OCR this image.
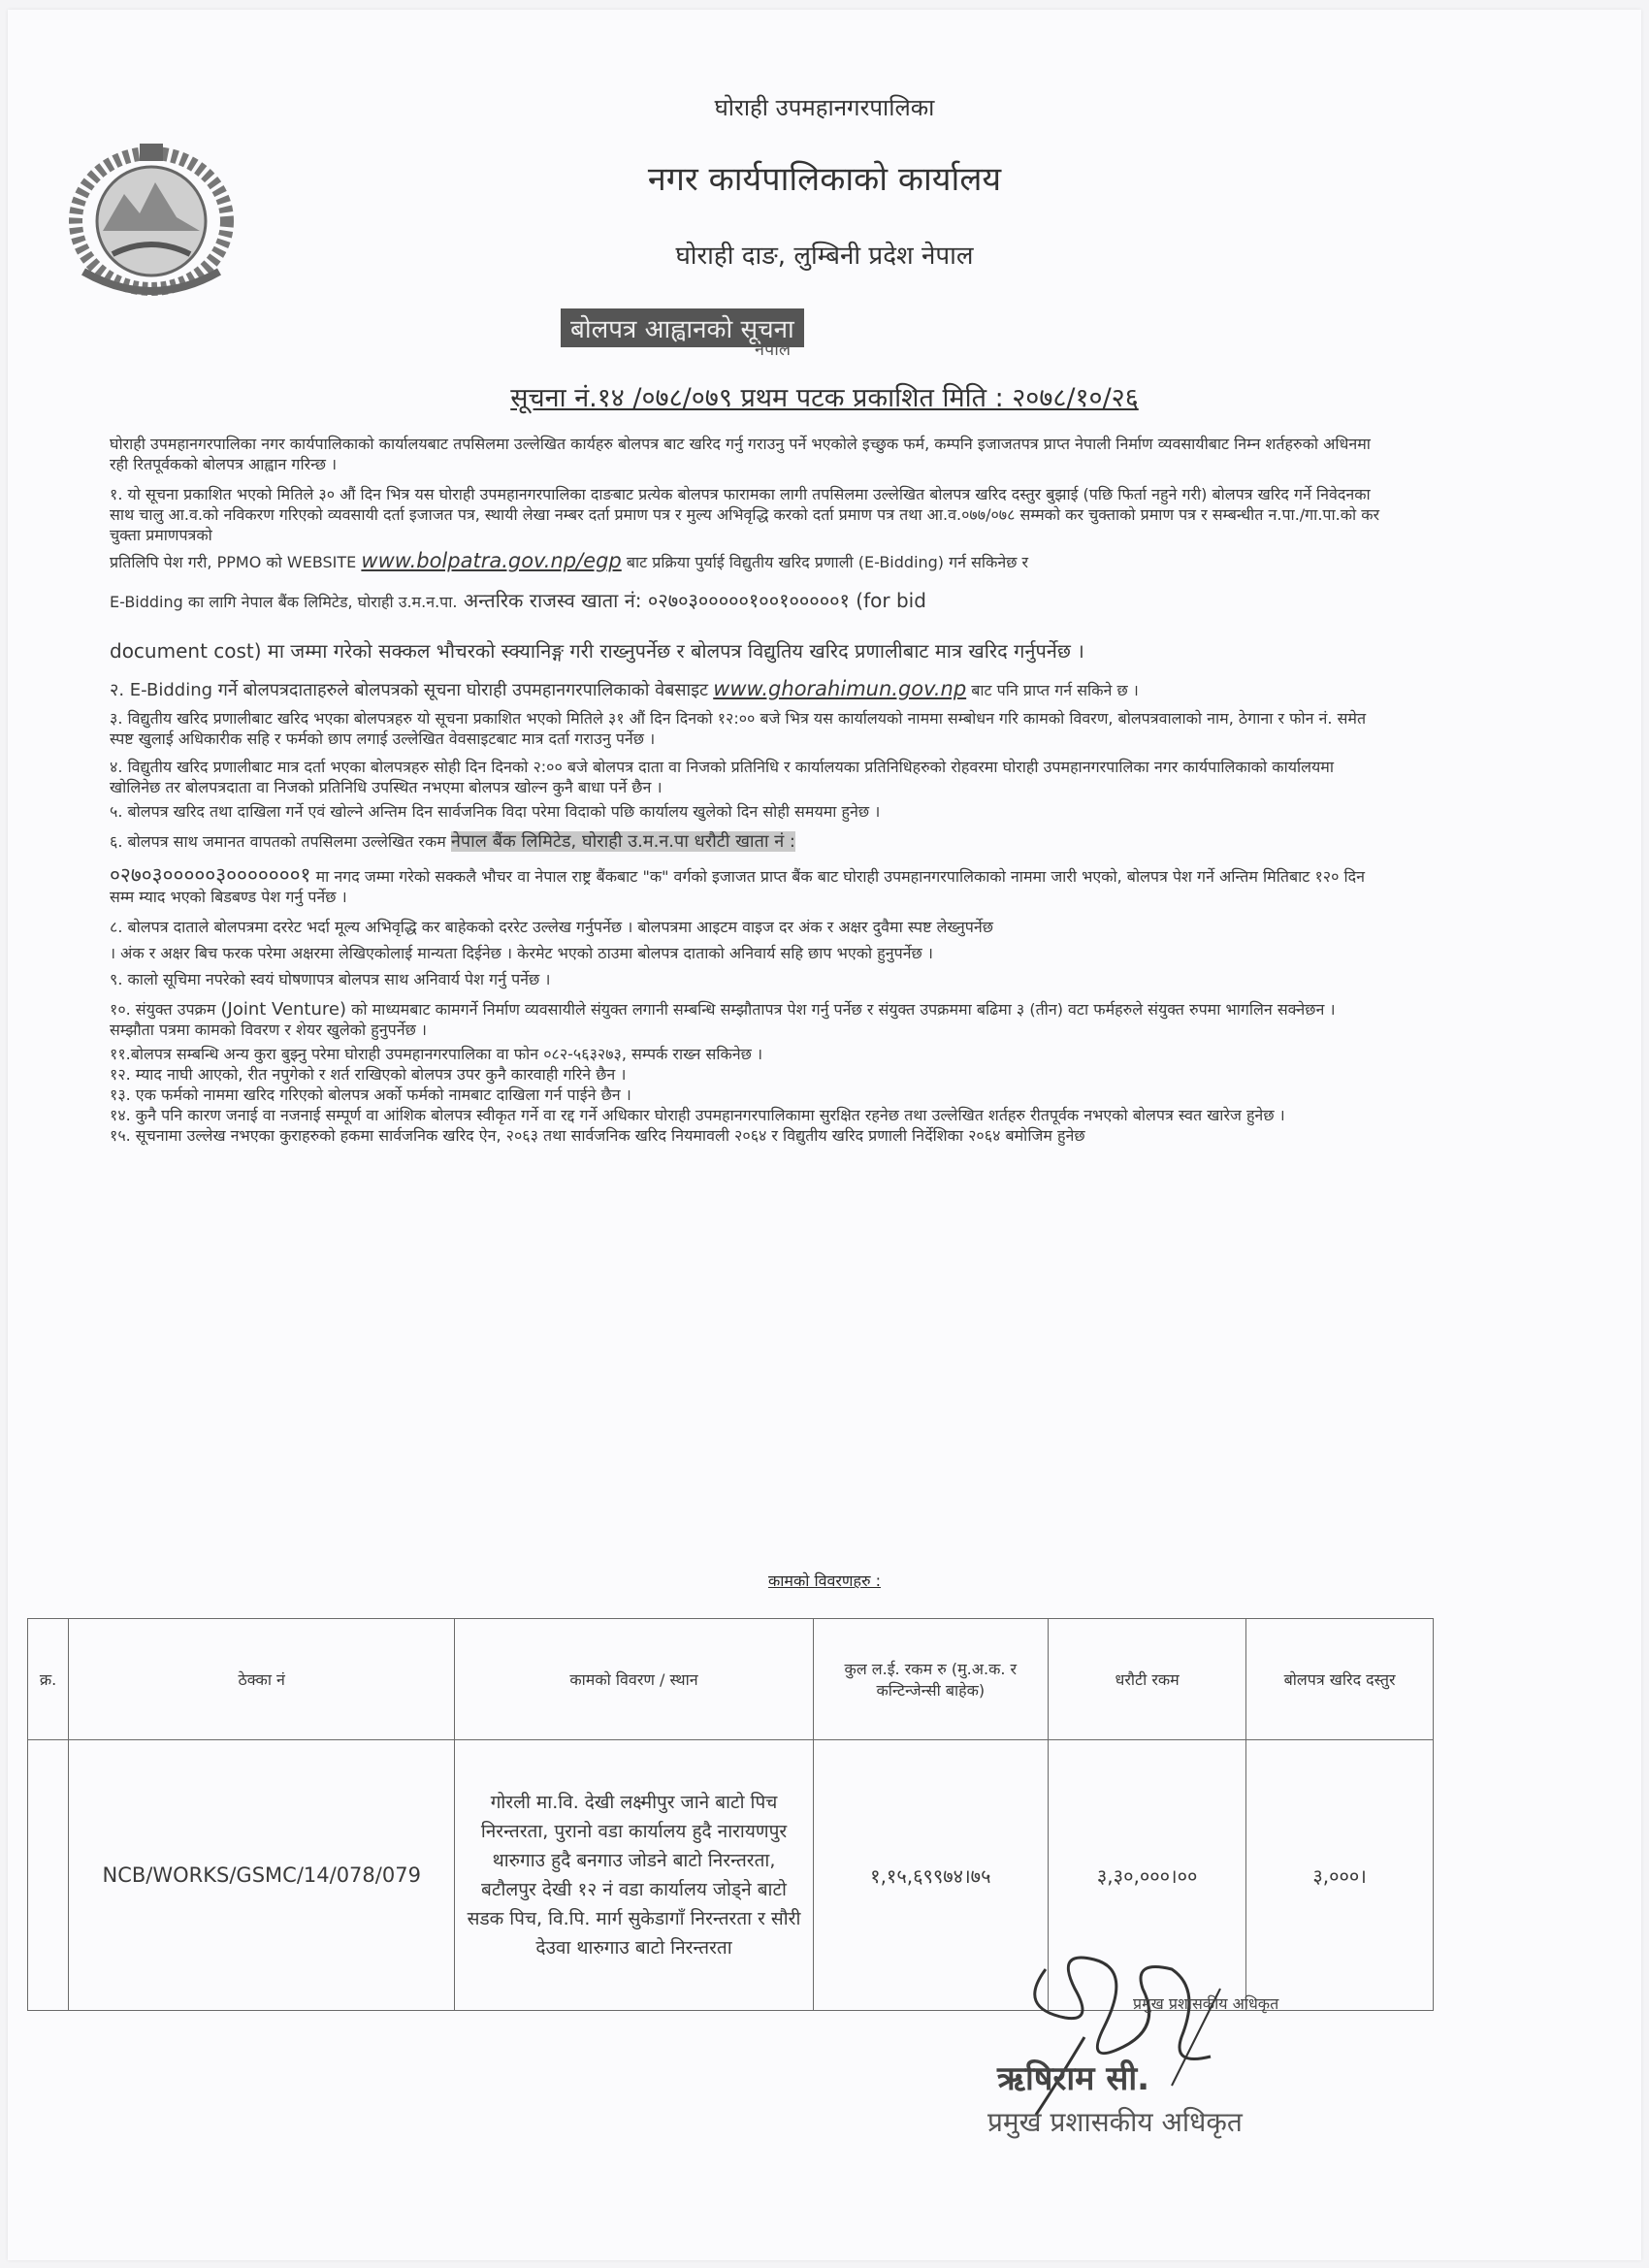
घोराही उपमहानगरपालिका
नगर कार्यपालिकाको कार्यालय
घोराही दाङ, लुम्बिनी प्रदेश नेपाल
बोलपत्र आह्वानको सूचना
नेपाल
सूचना नं.१४ /०७८/०७९ प्रथम पटक प्रकाशित मिति : २०७८/१०/२६

घोराही उपमहानगरपालिका नगर कार्यपालिकाको कार्यालयबाट तपसिलमा उल्लेखित कार्यहरु बोलपत्र बाट खरिद गर्नु गराउनु पर्ने भएकोले इच्छुक फर्म, कम्पनि इजाजतपत्र प्राप्त नेपाली निर्माण व्यवसायीबाट निम्न शर्तहरुको अधिनमा रही रितपूर्वकको बोलपत्र आह्वान गरिन्छ ।

१. यो सूचना प्रकाशित भएको मितिले ३० औं दिन भित्र यस घोराही उपमहानगरपालिका दाङबाट प्रत्येक बोलपत्र फारामका लागी तपसिलमा उल्लेखित बोलपत्र खरिद दस्तुर बुझाई (पछि फिर्ता नहुने गरी) बोलपत्र खरिद गर्ने निवेदनका साथ चालु आ.व.को नविकरण गरिएको व्यवसायी दर्ता इजाजत पत्र, स्थायी लेखा नम्बर दर्ता प्रमाण पत्र र मुल्य अभिवृद्धि करको दर्ता प्रमाण पत्र तथा आ.व.०७७/०७८ सम्मको कर चुक्ताको प्रमाण पत्र र सम्बन्धीत न.पा./गा.पा.को कर चुक्ता प्रमाणपत्रको

प्रतिलिपि पेश गरी, PPMO को WEBSITE www.bolpatra.gov.np/egp बाट प्रक्रिया पुर्याई विद्युतीय खरिद प्रणाली (E-Bidding) गर्न सकिनेछ र

E-Bidding का लागि नेपाल बैंक लिमिटेड, घोराही उ.म.न.पा. अन्तरिक राजस्व खाता नं: ०२७०३०००००१००१०००००१ (for bid

document cost) मा जम्मा गरेको सक्कल भौचरको स्क्यानिङ्ग गरी राख्नुपर्नेछ र बोलपत्र विद्युतिय खरिद प्रणालीबाट मात्र खरिद गर्नुपर्नेछ ।

२. E-Bidding गर्ने बोलपत्रदाताहरुले बोलपत्रको सूचना घोराही उपमहानगरपालिकाको वेबसाइट www.ghorahimun.gov.np बाट पनि प्राप्त गर्न सकिने छ ।

३. विद्युतीय खरिद प्रणालीबाट खरिद भएका बोलपत्रहरु यो सूचना प्रकाशित भएको मितिले ३१ औं दिन दिनको १२:०० बजे भित्र यस कार्यालयको नाममा सम्बोधन गरि कामको विवरण, बोलपत्रवालाको नाम, ठेगाना र फोन नं. समेत स्पष्ट खुलाई अधिकारीक सहि र फर्मको छाप लगाई उल्लेखित वेवसाइटबाट मात्र दर्ता गराउनु पर्नेछ ।

४. विद्युतीय खरिद प्रणालीबाट मात्र दर्ता भएका बोलपत्रहरु सोही दिन दिनको २:०० बजे बोलपत्र दाता वा निजको प्रतिनिधि र कार्यालयका प्रतिनिधिहरुको रोहवरमा घोराही उपमहानगरपालिका नगर कार्यपालिकाको कार्यालयमा खोलिनेछ तर बोलपत्रदाता वा निजको प्रतिनिधि उपस्थित नभएमा बोलपत्र खोल्न कुनै बाधा पर्ने छैन ।

५. बोलपत्र खरिद तथा दाखिला गर्ने एवं खोल्ने अन्तिम दिन सार्वजनिक विदा परेमा विदाको पछि कार्यालय खुलेको दिन सोही समयमा हुनेछ ।

६. बोलपत्र साथ जमानत वापतको तपसिलमा उल्लेखित रकम नेपाल बैंक लिमिटेड, घोराही उ.म.न.पा धरौटी खाता नं :

०२७०३०००००३०००००००१ मा नगद जम्मा गरेको सक्कलै भौचर वा नेपाल राष्ट्र बैंकबाट "क" वर्गको इजाजत प्राप्त बैंक बाट घोराही उपमहानगरपालिकाको नाममा जारी भएको, बोलपत्र पेश गर्ने अन्तिम मितिबाट १२० दिन सम्म म्याद भएको बिडबण्ड पेश गर्नु पर्नेछ ।

८. बोलपत्र दाताले बोलपत्रमा दररेट भर्दा मूल्य अभिवृद्धि कर बाहेकको दररेट उल्लेख गर्नुपर्नेछ । बोलपत्रमा आइटम वाइज दर अंक र अक्षर दुवैमा स्पष्ट लेख्नुपर्नेछ

। अंक र अक्षर बिच फरक परेमा अक्षरमा लेखिएकोलाई मान्यता दिईनेछ । केरमेट भएको ठाउमा बोलपत्र दाताको अनिवार्य सहि छाप भएको हुनुपर्नेछ ।

९. कालो सूचिमा नपरेको स्वयं घोषणापत्र बोलपत्र साथ अनिवार्य पेश गर्नु पर्नेछ ।

१०. संयुक्त उपक्रम (Joint Venture) को माध्यमबाट कामगर्ने निर्माण व्यवसायीले संयुक्त लगानी सम्बन्धि सम्झौतापत्र पेश गर्नु पर्नेछ र संयुक्त उपक्रममा बढिमा ३ (तीन) वटा फर्महरुले संयुक्त रुपमा भागलिन सक्नेछन । सम्झौता पत्रमा कामको विवरण र शेयर खुलेको हुनुपर्नेछ ।

११.बोलपत्र सम्बन्धि अन्य कुरा बुझ्नु परेमा घोराही उपमहानगरपालिका वा फोन ०८२-५६३२७३, सम्पर्क राख्न सकिनेछ ।

१२. म्याद नाघी आएको, रीत नपुगेको र शर्त राखिएको बोलपत्र उपर कुनै कारवाही गरिने छैन ।

१३. एक फर्मको नाममा खरिद गरिएको बोलपत्र अर्को फर्मको नामबाट दाखिला गर्न पाईने छैन ।

१४. कुनै पनि कारण जनाई वा नजनाई सम्पूर्ण वा आंशिक बोलपत्र स्वीकृत गर्ने वा रद्द गर्ने अधिकार घोराही उपमहानगरपालिकामा सुरक्षित रहनेछ तथा उल्लेखित शर्तहरु रीतपूर्वक नभएको बोलपत्र स्वत खारेज हुनेछ ।

१५. सूचनामा उल्लेख नभएका कुराहरुको हकमा सार्वजनिक खरिद ऐन, २०६३ तथा सार्वजनिक खरिद नियमावली २०६४ र विद्युतीय खरिद प्रणाली निर्देशिका २०६४ बमोजिम हुनेछ

कामको विवरणहरु :
क्र.	ठेक्का नं	कामको विवरण / स्थान	कुल ल.ई. रकम रु (मु.अ.क. र कन्टिन्जेन्सी बाहेक)	धरौटी रकम	बोलपत्र खरिद दस्तुर
	NCB/WORKS/GSMC/14/078/079	गोरली मा.वि. देखी लक्ष्मीपुर जाने बाटो पिच निरन्तरता, पुरानो वडा कार्यालय हुदै नारायणपुर थारुगाउ हुदै बनगाउ जोडने बाटो निरन्तरता, बटौलपुर देखी १२ नं वडा कार्यालय जोड्ने बाटो सडक पिच, वि.पि. मार्ग सुकेडागाँ निरन्तरता र सौरी देउवा थारुगाउ बाटो निरन्तरता	१,१५,६९९७४।७५	३,३०,०००।००	३,०००।
प्रमुख प्रशासकीय अधिकृत
ऋषिराम सी.
प्रमुख प्रशासकीय अधिकृत
